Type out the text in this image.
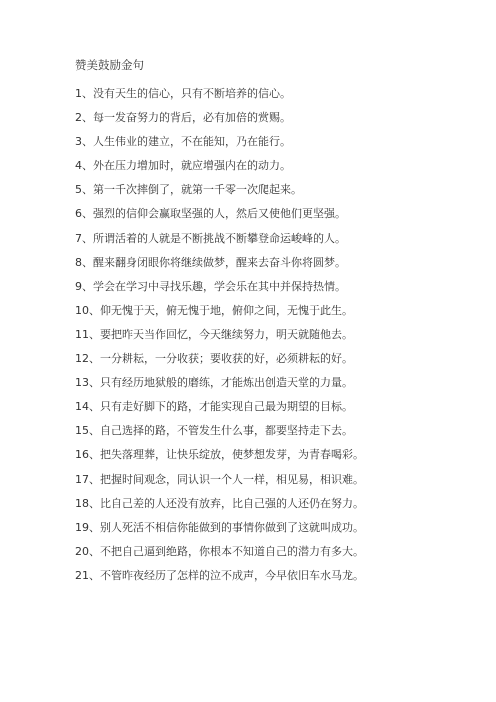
赞美鼓励金句
1、没有天生的信心，只有不断培养的信心。
2、每一发奋努力的背后，必有加倍的赏赐。
3、人生伟业的建立，不在能知，乃在能行。
4、外在压力增加时，就应增强内在的动力。
5、第一千次摔倒了，就第一千零一次爬起来。
6、强烈的信仰会赢取坚强的人，然后又使他们更坚强。
7、所谓活着的人就是不断挑战不断攀登命运峻峰的人。
8、醒来翻身闭眼你将继续做梦，醒来去奋斗你将圆梦。
9、学会在学习中寻找乐趣，学会乐在其中并保持热情。
10、仰无愧于天，俯无愧于地，俯仰之间，无愧于此生。
11、要把昨天当作回忆，今天继续努力，明天就随他去。
12、一分耕耘，一分收获；要收获的好，必须耕耘的好。
13、只有经历地狱般的磨练，才能炼出创造天堂的力量。
14、只有走好脚下的路，才能实现自己最为期望的目标。
15、自己选择的路，不管发生什么事，都要坚持走下去。
16、把失落理葬，让快乐绽放，使梦想发芽，为青春喝彩。
17、把握时间观念，同认识一个人一样，相见易，相识难。
18、比自己差的人还没有放弃，比自己强的人还仍在努力。
19、别人死活不相信你能做到的事情你做到了这就叫成功。
20、不把自己逼到绝路，你根本不知道自己的潜力有多大。
21、不管昨夜经历了怎样的泣不成声，今早依旧车水马龙。
